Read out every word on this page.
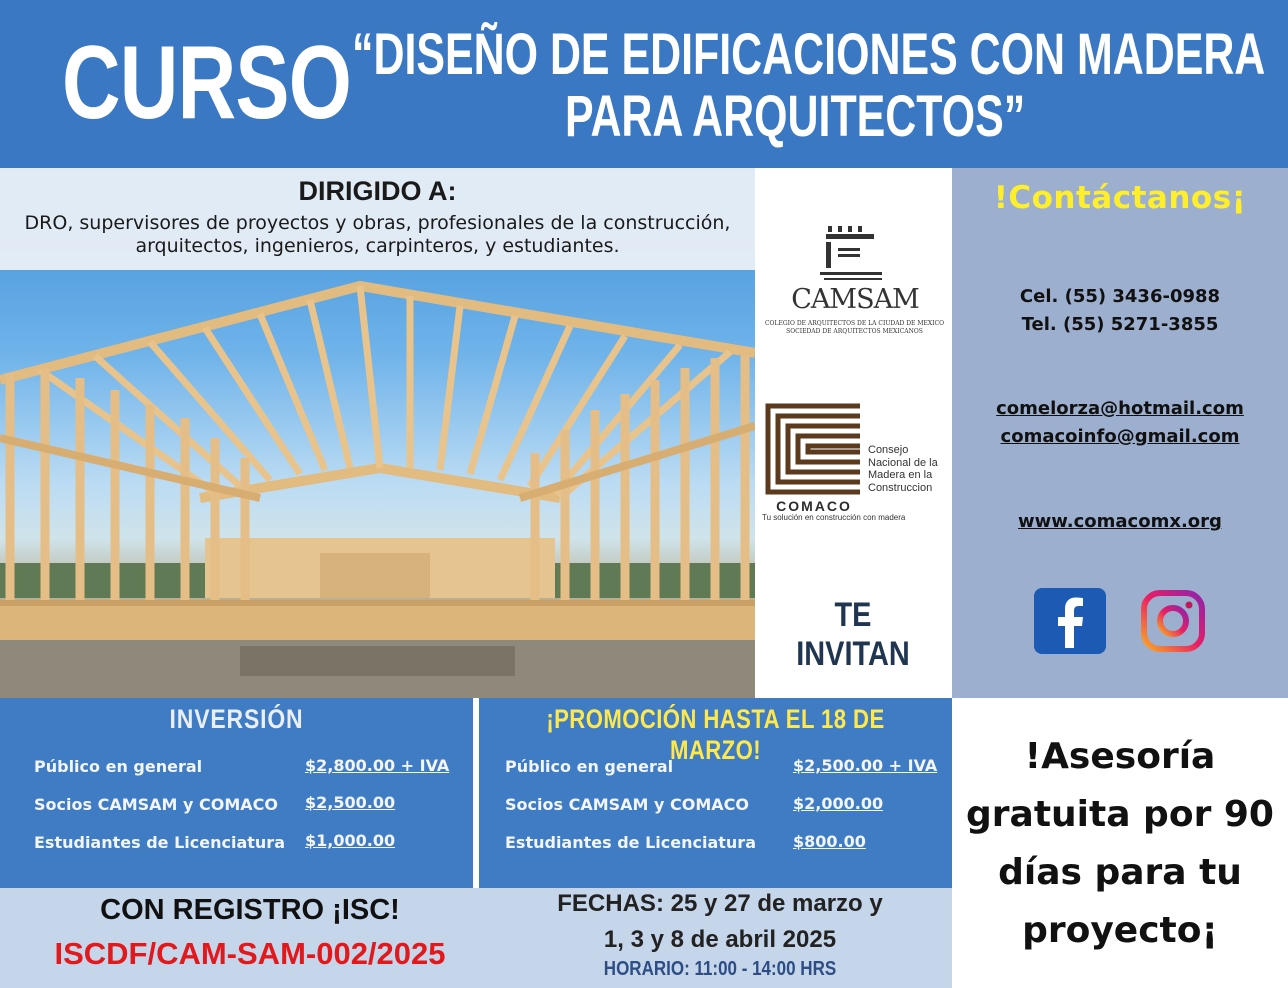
CURSO “DISEÑO DE EDIFICACIONES CON MADERA
PARA ARQUITECTOS”
DIRIGIDO A:
DRO, supervisores de proyectos y obras, profesionales de la construcción, arquitectos, ingenieros, carpinteros, y estudiantes.
CAMSAM
COLEGIO DE ARQUITECTOS DE LA CIUDAD DE MEXICO SOCIEDAD DE ARQUITECTOS MEXICANOS
COMACO
Consejo Nacional de la Madera en la Construccion
Tu solución en construcción con madera
TE INVITAN
!Contáctanos¡
Cel. (55) 3436-0988
Tel. (55) 5271-3855
comelorza@hotmail.com
comacoinfo@gmail.com
www.comacomx.org
INVERSIÓN
Público en general	$2,800.00 + IVA
Socios CAMSAM y COMACO $2,500.00
Estudiantes de Licenciatura $1,000.00
¡PROMOCIÓN HASTA EL 18 DE MARZO!
Público en general	$2,500.00 + IVA
Socios CAMSAM y COMACO	$2,000.00
Estudiantes de Licenciatura $800.00
!Asesoría
gratuita por 90
días para tu
proyecto¡
CON REGISTRO ¡ISC!
ISCDF/CAM-SAM-002/2025
FECHAS: 25 y 27 de marzo y
1, 3 y 8 de abril 2025
HORARIO: 11:00 - 14:00 HRS
